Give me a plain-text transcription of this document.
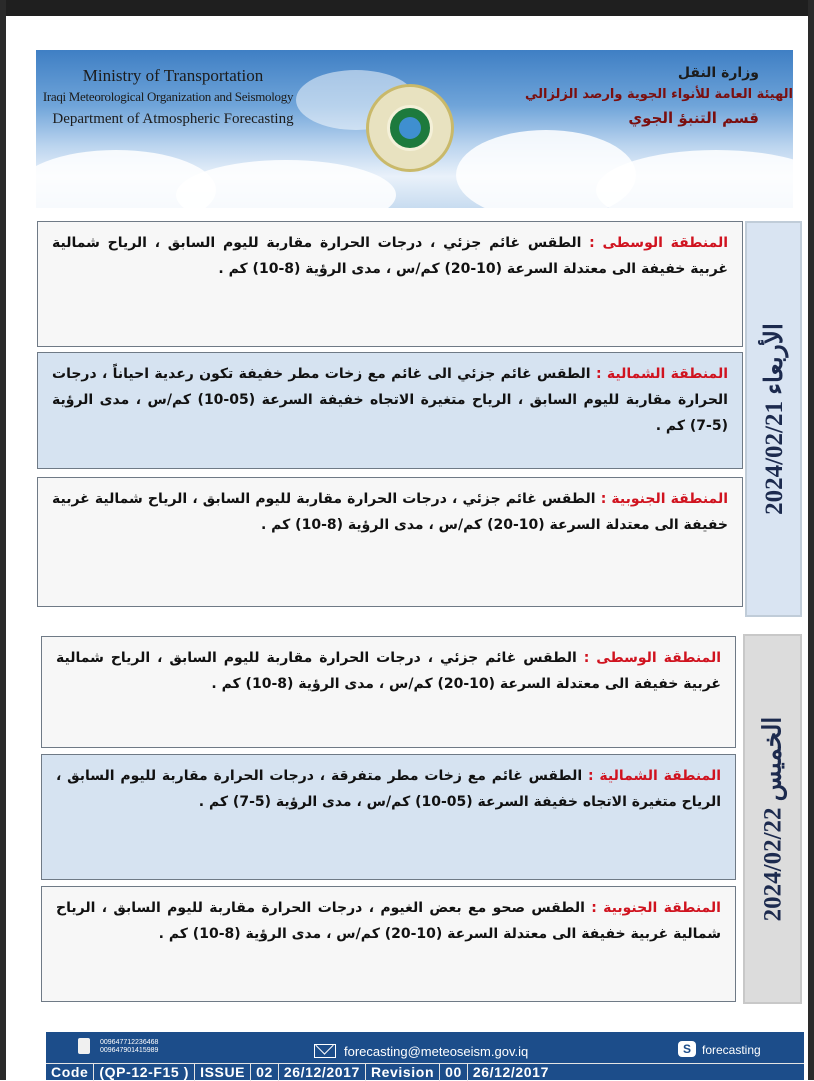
Ministry of Transportation
Iraqi Meteorological Organization and Seismology
Department of Atmospheric Forecasting
وزارة النقل
الهيئة العامة للأنواء الجوية وارصد الزلزالي
قسم التنبؤ الجوي
المنطقة الوسطى : الطقس غائم جزئي ، درجات الحرارة مقاربة لليوم السابق ، الرياح شمالية غربية خفيفة الى معتدلة السرعة (10-20) كم/س ، مدى الرؤية (8-10) كم .
المنطقة الشمالية : الطقس غائم جزئي الى غائم مع زخات مطر خفيفة تكون رعدية احياناً ، درجات الحرارة مقاربة لليوم السابق ، الرياح متغيرة الاتجاه خفيفة السرعة (05-10) كم/س ، مدى الرؤية (5-7) كم .
المنطقة الجنوبية : الطقس غائم جزئي ، درجات الحرارة مقاربة لليوم السابق ، الرياح شمالية غربية خفيفة الى معتدلة السرعة (10-20) كم/س ، مدى الرؤية (8-10) كم .
الأربعاء 2024/02/21
المنطقة الوسطى : الطقس غائم جزئي ، درجات الحرارة مقاربة لليوم السابق ، الرياح شمالية غربية خفيفة الى معتدلة السرعة (10-20) كم/س ، مدى الرؤية (8-10) كم .
المنطقة الشمالية : الطقس غائم مع زخات مطر متفرقة ، درجات الحرارة مقاربة لليوم السابق ، الرياح متغيرة الاتجاه خفيفة السرعة (05-10) كم/س ، مدى الرؤية (5-7) كم .
المنطقة الجنوبية : الطقس صحو مع بعض الغيوم ، درجات الحرارة مقاربة لليوم السابق ، الرياح شمالية غربية خفيفة الى معتدلة السرعة (10-20) كم/س ، مدى الرؤية (8-10) كم .
الخميس 2024/02/22
009647712236468
009647901415989	forecasting@meteoseism.gov.iq	S forecasting
Code (QP-12-F15 ) ISSUE 02 26/12/2017 Revision 00 26/12/2017
